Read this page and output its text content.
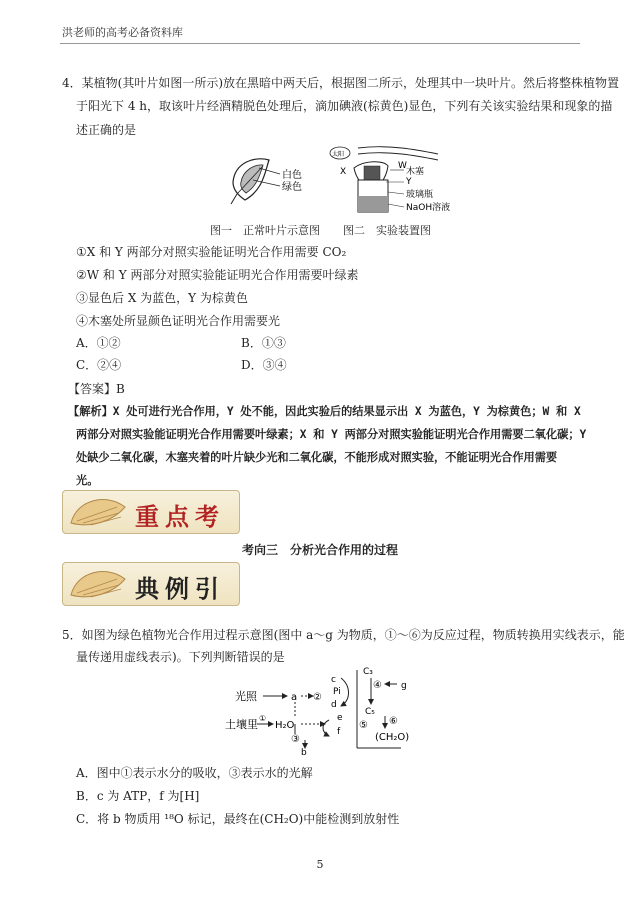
洪老师的高考必备资料库
4．某植物(其叶片如图一所示)放在黑暗中两天后，根据图二所示，处理其中一块叶片。然后将整株植物置
于阳光下 4 h，取该叶片经酒精脱色处理后，滴加碘液(棕黄色)显色，下列有关该实验结果和现象的描
述正确的是
白色
绿色
图一　正常叶片示意图
太阳
W
X	木塞
Y
玻璃瓶
NaOH溶液
图二　实验装置图
①X 和 Y 两部分对照实验能证明光合作用需要 CO₂
②W 和 Y 两部分对照实验能证明光合作用需要叶绿素
③显色后 X 为蓝色，Y 为棕黄色
④木塞处所显颜色证明光合作用需要光
A．①②	B．①③
C．②④	D．③④
【答案】B
【解析】X 处可进行光合作用，Y 处不能，因此实验后的结果显示出 X 为蓝色，Y 为棕黄色；W 和 X
两部分对照实验能证明光合作用需要叶绿素；X 和 Y 两部分对照实验能证明光合作用需要二氧化碳；Y
处缺少二氧化碳，木塞夹着的叶片缺少光和二氧化碳，不能形成对照实验，不能证明光合作用需要
光。
重点考
考向三　分析光合作用的过程
典例引
5．如图为绿色植物光合作用过程示意图(图中 a～g 为物质，①～⑥为反应过程，物质转换用实线表示，能
量传递用虚线表示)。下列判断错误的是
光照	a ②
c
Pi
d
C₃
④ g
C₅
⑤ ⑥
(CH₂O)
土壤里 ①
H₂O
③
b
e
f
A．图中①表示水分的吸收，③表示水的光解
B．c 为 ATP，f 为[H]
C．将 b 物质用 ¹⁸O 标记，最终在(CH₂O)中能检测到放射性
5
